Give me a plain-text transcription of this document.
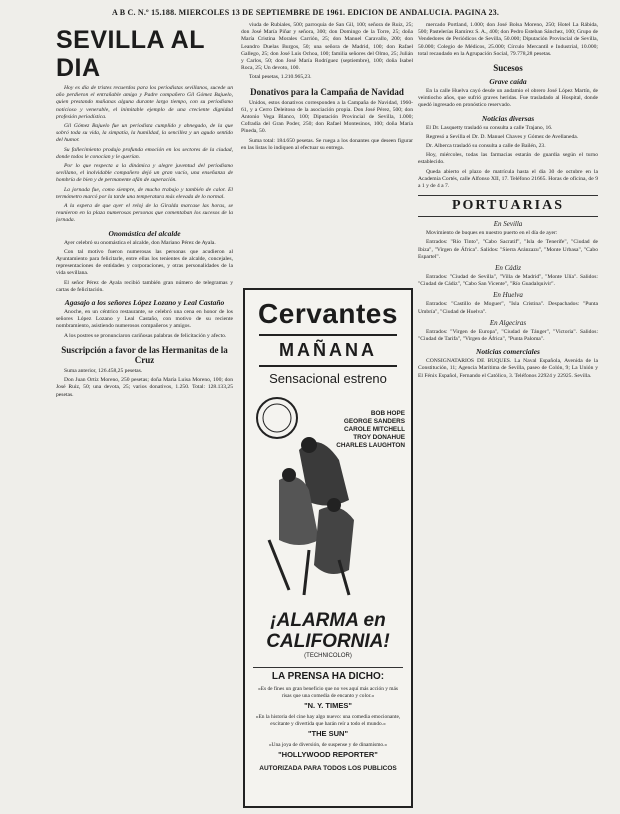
A B C. N.º 15.188. MIERCOLES 13 DE SEPTIEMBRE DE 1961. EDICION DE ANDALUCIA. PAGINA 23.
SEVILLA AL DIA

Hoy es día de tristes recuerdos para los periodistas sevillanos, sucede un año perdieron el entrañable amigo y Padre compañero Gil Gómez Bajuelo, quien prestando mañanas alguna durante largo tiempo, con su periodismo noticioso y venerable, el inimitable ejemplo de una creciente dignidad profesión periodística.

Gil Gómez Bajuelo fue un periodista cumplido y abnegado, de la que sobró toda su vida, la simpatía, la humildad, la sencillez y un agudo sentido del humor.

Su fallecimiento produjo profunda emoción en los sectores de la ciudad, donde todos le conocían y le querían.

Por lo que respecta a la dinámica y alegre juventud del periodismo sevillano, el inolvidable compañero dejó un gran vacío, una enseñanza de hombría de bien y de permanente afán de superación.

La jornada fue, como siempre, de mucho trabajo y también de calor. El termómetro marcó por la tarde una temperatura más elevada de lo normal.

A la espera de que ayer el reloj de la Giralda marcase las horas, se reunieron en la plaza numerosas personas que comentaban los sucesos de la jornada.

Onomástica del alcalde

Ayer celebró su onomástica el alcalde, don Mariano Pérez de Ayala.

Con tal motivo fueron numerosas las personas que acudieron al Ayuntamiento para felicitarle, entre ellas los tenientes de alcalde, concejales, representaciones de entidades y corporaciones, y otras personalidades de la vida sevillana.

El señor Pérez de Ayala recibió también gran número de telegramas y cartas de felicitación.

Agasajo a los señores López Lozano y Leal Castaño

Anoche, en un céntrico restaurante, se celebró una cena en honor de los señores López Lozano y Leal Castaño, con motivo de su reciente nombramiento, asistiendo numerosos compañeros y amigos.

A los postres se pronunciaron cariñosas palabras de felicitación y afecto.

Suscripción a favor de las Hermanitas de la Cruz

Suma anterior, 126.458,25 pesetas.

Don Juan Ortiz Moreno, 250 pesetas; doña María Luisa Moreno, 100; don José Ruiz, 50; una devota, 25; varios donativos, 1.250. Total: 128.133,25 pesetas.

viuda de Rubiales, 500; parroquia de San Gil, 100; señora de Ruiz, 25; don José María Piñar y señora, 300; don Domingo de la Torre, 25; doña María Cristina Morales Carrión, 25; don Manuel Caravallo, 200; don Leandro Duelas Burgos, 50; una señora de Madrid, 100; don Rafael Gallego, 25; don José Luis Ochoa, 100; familia señores del Olmo, 25; Julián y Carlos, 50; don José María Rodríguez (septiembre), 100; doña Isabel Roca, 25; Un devoto, 100.

Total pesetas, 1.210.965,23.

Donativos para la Campaña de Navidad

Unidos, estos donativos corresponden a la Campaña de Navidad, 1960-61, y a Cerro Deleitoso de la asociación propia. Don José Pérez, 500; don Antonio Vega Blanco, 100; Diputación Provincial de Sevilla, 1.000; Cofradía del Gran Poder, 250; don Rafael Montesinos, 100; doña María Pineda, 50.

Suma total: 184.650 pesetas. Se ruega a los donantes que deseen figurar en las listas lo indiquen al efectuar su entrega.

Cervantes
MAÑANA
Sensacional estreno
BOB HOPE
GEORGE SANDERS
CAROLE MITCHELL
TROY DONAHUE
CHARLES LAUGHTON
¡ALARMA en CALIFORNIA!
(TECHNICOLOR)
LA PRENSA HA DICHO:
«Es de fines un gran beneficio que no ves aquí más acción y más risas que una comedia de encanto y color.»
"N. Y. TIMES"
«En la historia del cine hay algo nuevo: una comedia emocionante, excitante y divertida que harán reír a todo el mundo.»
"THE SUN"
«Una joya de diversión, de suspense y de dinamismo.»
"HOLLYWOOD REPORTER"
AUTORIZADA PARA TODOS LOS PUBLICOS

mercado Portland, 1.000; don José Bolsa Moreno, 250; Hotel La Rábida, 500; Pastelerías Ramírez S. A., 400; don Pedro Esteban Sánchez, 100; Grupo de Vendedores de Periódicos de Sevilla, 50.000; Diputación Provincial de Sevilla, 50.000; Colegio de Médicos, 25.000; Círculo Mercantil e Industrial, 10.000; total recaudado en la Agrupación Social, 79.778,28 pesetas.

Sucesos
Grave caída

En la calle Huelva cayó desde un andamio el obrero José López Martín, de veintiocho años, que sufrió graves heridas. Fue trasladado al Hospital, donde quedó ingresado en pronóstico reservado.

Noticias diversas

El Dr. Lasquetty trasladó su consulta a calle Trajano, 16.

Regresó a Sevilla el Dr. D. Manuel Chaves y Gómez de Avellaneda.

Dr. Alberca trasladó su consulta a calle de Bailén, 23.

Hoy, miércoles, todas las farmacias estarán de guardia según el turno establecido.

Queda abierto el plazo de matrícula hasta el día 30 de octubre en la Academia Cortés, calle Alfonso XII, 17. Teléfono 21665. Horas de oficina, de 9 a 1 y de 4 a 7.

PORTUARIAS
En Sevilla

Movimiento de buques en nuestro puerto en el día de ayer:

Entrados: "Río Tinto", "Cabo Sacratif", "Isla de Tenerife", "Ciudad de Ibiza", "Virgen de África". Salidos: "Sierra Aránzazu", "Monte Urbasa", "Cabo Espartel".

En Cádiz

Entrados: "Ciudad de Sevilla", "Villa de Madrid", "Monte Ulía". Salidos: "Ciudad de Cádiz", "Cabo San Vicente", "Río Guadalquivir".

En Huelva

Entrados: "Castillo de Moguer", "Isla Cristina". Despachados: "Punta Umbría", "Ciudad de Huelva".

En Algeciras

Entrados: "Virgen de Europa", "Ciudad de Tánger", "Victoria". Salidos: "Ciudad de Tarifa", "Virgen de África", "Punta Paloma".

Noticias comerciales

CONSIGNATARIOS DE BUQUES. La Naval Española, Avenida de la Constitución, 11; Agencia Marítima de Sevilla, paseo de Colón, 9; La Unión y El Fénix Español, Fernando el Católico, 3. Teléfonos 22924 y 22925. Sevilla.
